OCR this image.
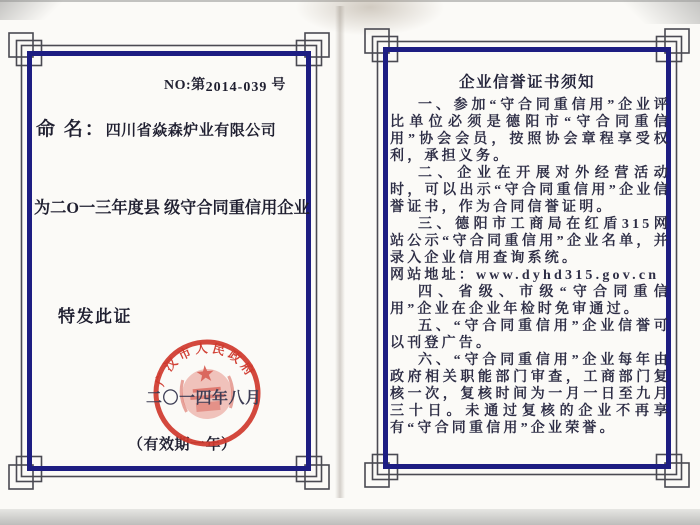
NO:第2014-039 号
命 名： 四川省焱森炉业有限公司
为二O一三年度县 级守合同重信用企业
特发此证
广汉市人民政府
二〇一四年八月
（有效期一年）
企业信誉证书须知

一、参加“守合同重信用”企业评比单位必须是德阳市“守合同重信用”协会会员，按照协会章程享受权利，承担义务。

二、企业在开展对外经营活动时，可以出示“守合同重信用”企业信誉证书，作为合同信誉证明。

三、德阳市工商局在红盾315网站公示“守合同重信用”企业名单，并录入企业信用查询系统。

网站地址：www.dyhd315.gov.cn

四、省级、市级“守合同重信用”企业在企业年检时免审通过。

五、“守合同重信用”企业信誉可以刊登广告。

六、“守合同重信用”企业每年由政府相关职能部门审查，工商部门复核一次，复核时间为一月一日至九月三十日。未通过复核的企业不再享有“守合同重信用”企业荣誉。
